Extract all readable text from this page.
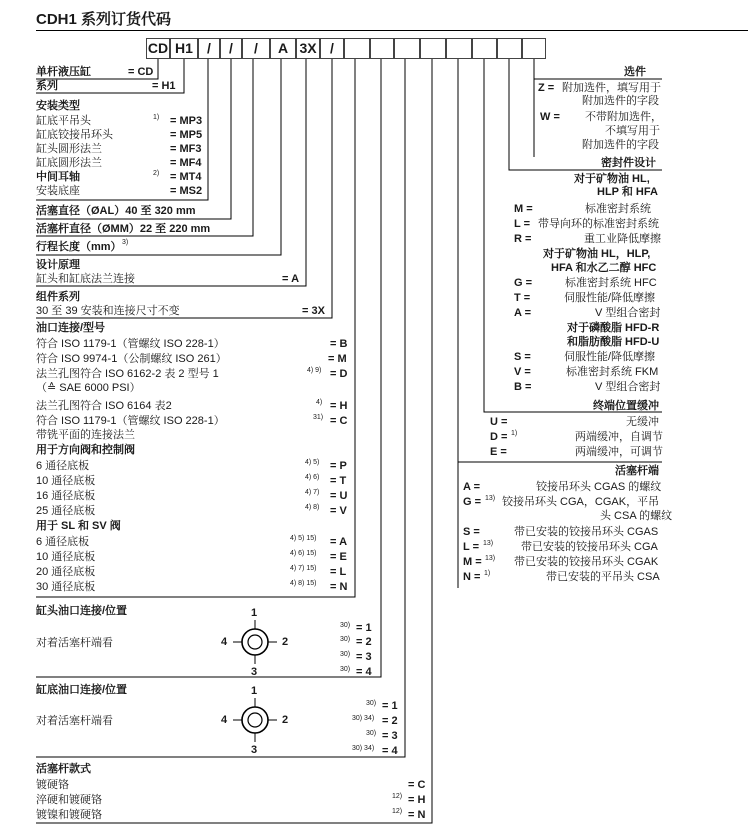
CDH1 系列订货代码
CD H1	/	/	/	A 3X /
单杆液压缸	= CD
系列	= H1
安装类型
缸底平吊头	1) = MP3
缸底铰接吊环头	= MP5
缸头圆形法兰	= MF3
缸底圆形法兰	= MF4
中间耳轴	2) = MT4
安装底座	= MS2
活塞直径（ØAL）40 至 320 mm
活塞杆直径（ØMM）22 至 220 mm
行程长度（mm） 3)
设计原理
缸头和缸底法兰连接	= A
组件系列
30 至 39 安装和连接尺寸不变	= 3X
油口连接/型号
符合 ISO 1179-1（管螺纹 ISO 228-1）	= B
符合 ISO 9974-1（公制螺纹 ISO 261）	= M
法兰孔图符合 ISO 6162-2 表 2 型号 1	4) 9) = D
（≙ SAE 6000 PSI）
法兰孔图符合 ISO 6164 表2	4) = H
符合 ISO 1179-1（管螺纹 ISO 228-1）	31) = C
带铣平面的连接法兰
用于方向阀和控制阀
6 通径底板	4) 5) = P
10 通径底板	4) 6) = T
16 通径底板	4) 7) = U
25 通径底板	4) 8) = V
用于 SL 和 SV 阀
6 通径底板	4) 5) 15) = A
10 通径底板	4) 6) 15) = E
20 通径底板	4) 7) 15) = L
30 通径底板	4) 8) 15) = N
缸头油口连接/位置
对着活塞杆端看
1
2
3
4
30) = 1
30) = 2
30) = 3
30) = 4
缸底油口连接/位置
对着活塞杆端看
1
2
3
4
30) = 1
30) 34) = 2
30) = 3
30) 34) = 4
活塞杆款式
镀硬铬	= C
淬硬和镀硬铬	12) = H
镀镍和镀硬铬	12) = N
选件
Z = 附加选件，填写用于
附加选件的字段
W = 不带附加选件，
不填写用于
附加选件的字段
密封件设计
对于矿物油 HL,
HLP 和 HFA
M =	标准密封系统
L = 带导向环的标准密封系统
R =	重工业降低摩擦
对于矿物油 HL，HLP,
HFA 和水乙二醇 HFC
G =	标准密封系统 HFC
T =	伺服性能/降低摩擦
A =	V 型组合密封
对于磷酸脂 HFD-R
和脂肪酸脂 HFD-U
S =	伺服性能/降低摩擦
V =	标准密封系统 FKM
B =	V 型组合密封
终端位置缓冲
U =	无缓冲
D = 1)	两端缓冲，自调节
E =	两端缓冲，可调节
活塞杆端
A =	铰接吊环头 CGAS 的螺纹
G = 13) 铰接吊环头 CGA，CGAK，平吊
头 CSA 的螺纹
S =	带已安装的铰接吊环头 CGAS
L = 13)	带已安装的铰接吊环头 CGA
M = 13) 带已安装的铰接吊环头 CGAK
N = 1)	带已安装的平吊头 CSA
